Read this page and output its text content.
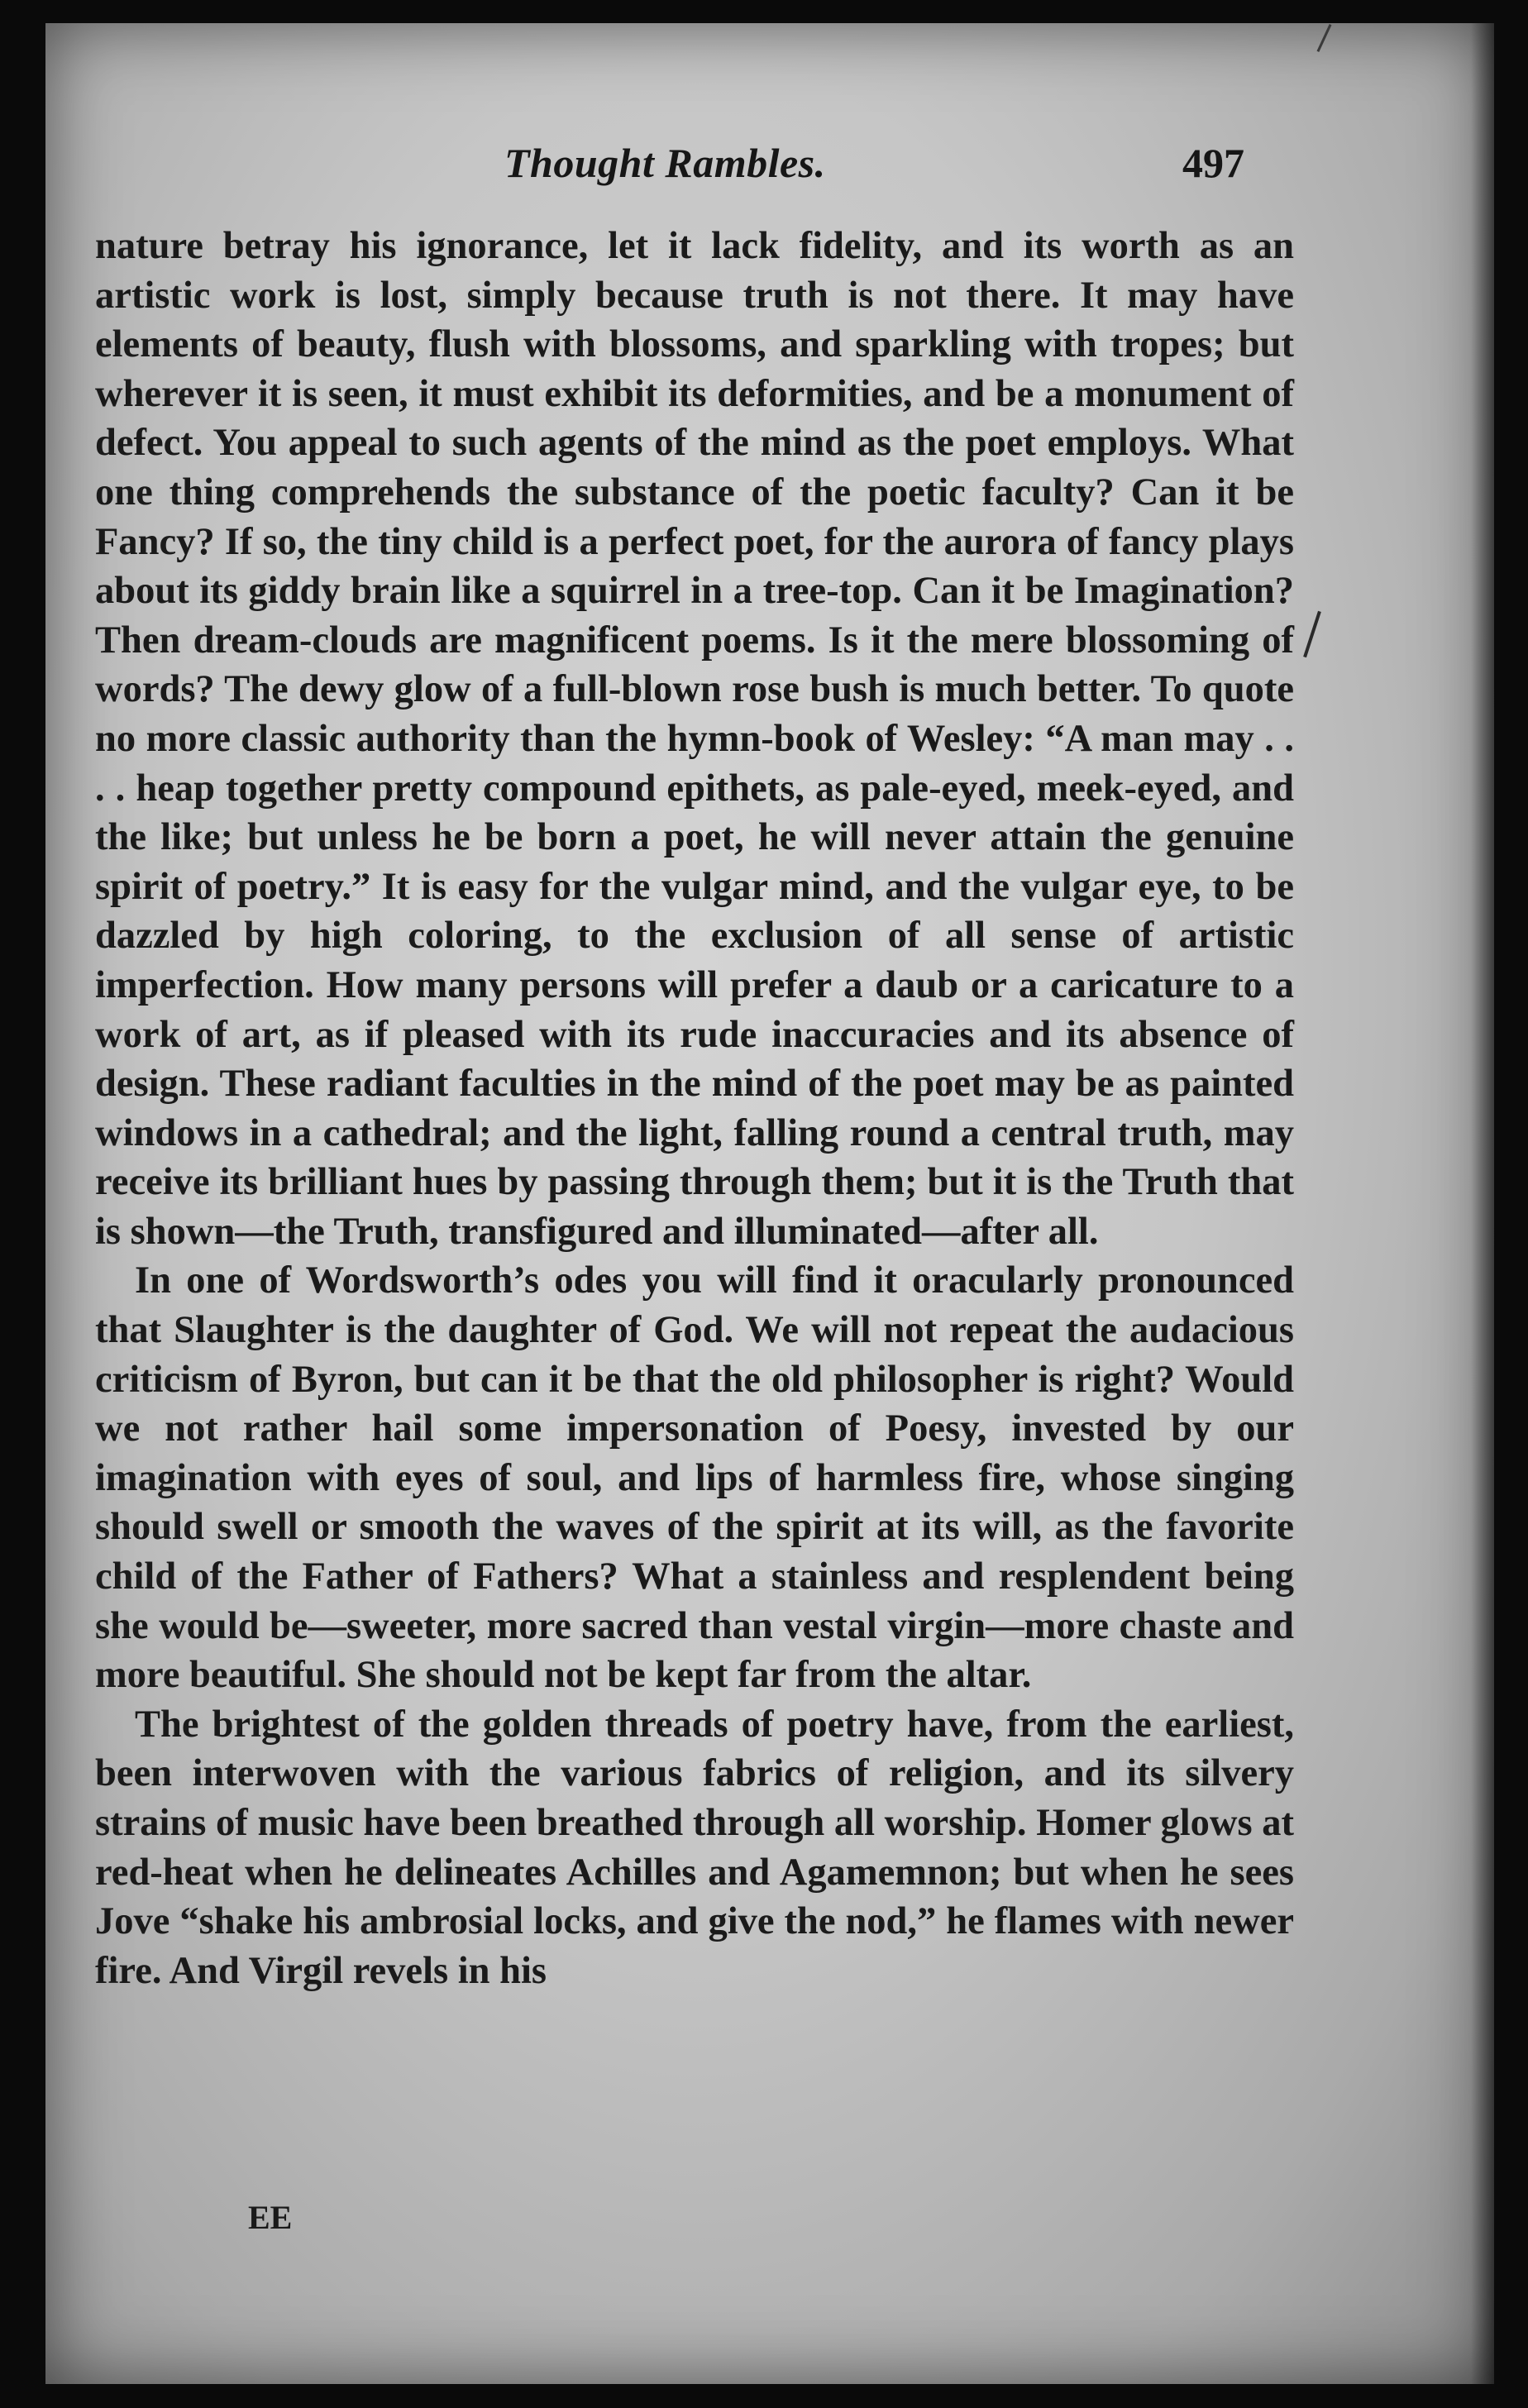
Thought Rambles.	497

nature betray his ignorance, let it lack fidelity, and its worth as an artistic work is lost, simply because truth is not there. It may have elements of beauty, flush with blossoms, and sparkling with tropes; but wherever it is seen, it must exhibit its deformities, and be a monument of defect. You appeal to such agents of the mind as the poet employs. What one thing comprehends the substance of the poetic faculty? Can it be Fancy? If so, the tiny child is a perfect poet, for the aurora of fancy plays about its giddy brain like a squirrel in a tree-top. Can it be Imagination? Then dream-clouds are magnificent poems. Is it the mere blossoming of words? The dewy glow of a full-blown rose bush is much better. To quote no more classic authority than the hymn-book of Wesley: “A man may . . . . heap together pretty compound epithets, as pale-eyed, meek-eyed, and the like; but unless he be born a poet, he will never attain the genuine spirit of poetry.” It is easy for the vulgar mind, and the vulgar eye, to be dazzled by high coloring, to the exclusion of all sense of artistic imperfection. How many persons will prefer a daub or a caricature to a work of art, as if pleased with its rude inaccuracies and its absence of design. These radiant faculties in the mind of the poet may be as painted windows in a cathedral; and the light, falling round a central truth, may receive its brilliant hues by passing through them; but it is the Truth that is shown—the Truth, transfigured and illuminated—after all.

In one of Wordsworth’s odes you will find it oracularly pronounced that Slaughter is the daughter of God. We will not repeat the audacious criticism of Byron, but can it be that the old philosopher is right? Would we not rather hail some impersonation of Poesy, invested by our imagination with eyes of soul, and lips of harmless fire, whose singing should swell or smooth the waves of the spirit at its will, as the favorite child of the Father of Fathers? What a stainless and resplendent being she would be—sweeter, more sacred than vestal virgin—more chaste and more beautiful. She should not be kept far from the altar.

The brightest of the golden threads of poetry have, from the earliest, been interwoven with the various fabrics of religion, and its silvery strains of music have been breathed through all worship. Homer glows at red-heat when he delineates Achilles and Agamemnon; but when he sees Jove “shake his ambrosial locks, and give the nod,” he flames with newer fire. And Virgil revels in his

EE
